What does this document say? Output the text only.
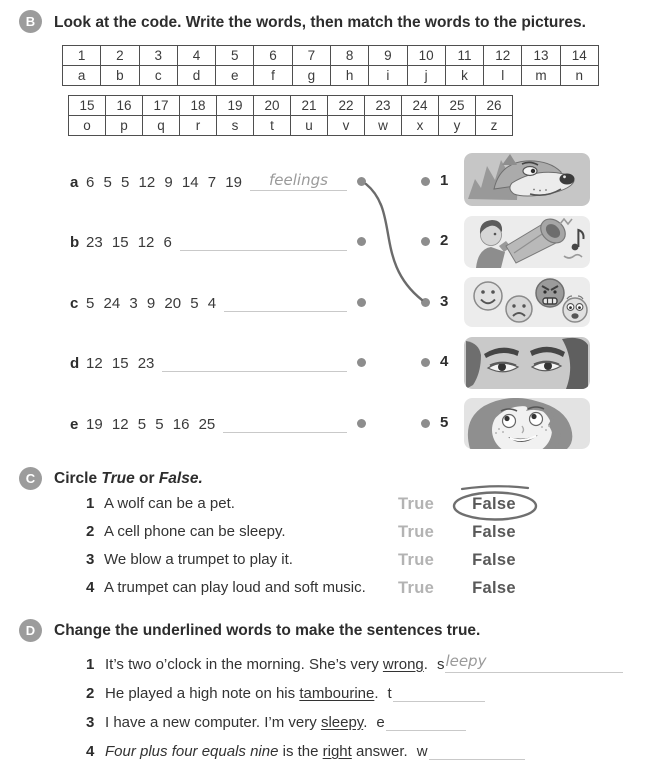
B	Look at the code. Write the words, then match the words to the pictures.
1	2	3	4	5	6	7	8	9	10	11	12	13	14
a	b	c	d	e	f	g	h	i	j	k	l	m	n
15	16	17	18	19	20	21	22	23	24	25	26
o	p	q	r	s	t	u	v	w	x	y	z
a 6 5 5 12 9 14 7 19	feelings
b 23 15 12 6
c 5 24 3 9 20 5 4
d 12 15 23
e 19 12 5 5 16 25
1
2
3
4
5
C	Circle True or False.
1 A wolf can be a pet.	True	False
2 A cell phone can be sleepy.	True	False
3 We blow a trumpet to play it.	True	False
4 A trumpet can play loud and soft music. True	False
D	Change the underlined words to make the sentences true.
1 It’s two o’clock in the morning. She’s very wrong. s leepy
2 He played a high note on his tambourine. t
3 I have a new computer. I’m very sleepy. e
4 Four plus four equals nine is the right answer. w
